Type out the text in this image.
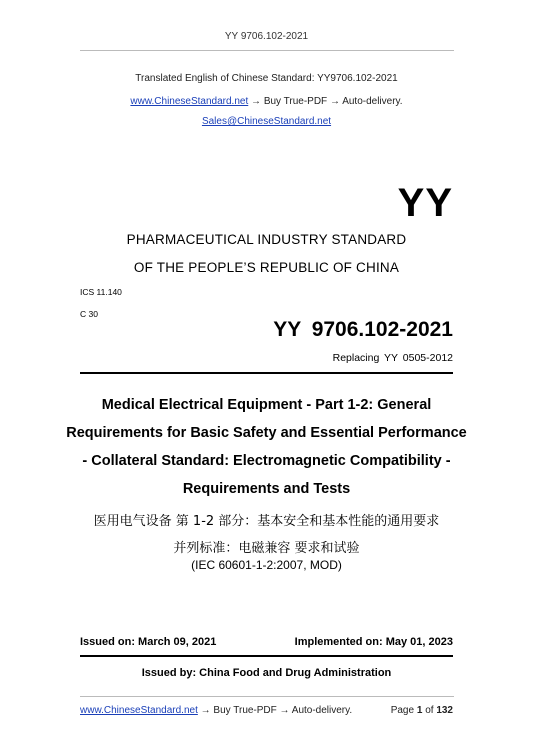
YY 9706.102-2021
Translated English of Chinese Standard: YY9706.102-2021
www.ChineseStandard.net → Buy True-PDF → Auto-delivery.
Sales@ChineseStandard.net
YY
PHARMACEUTICAL INDUSTRY STANDARD
OF THE PEOPLE’S REPUBLIC OF CHINA
ICS 11.140
C 30
YY 9706.102-2021
Replacing YY 0505-2012
Medical Electrical Equipment - Part 1-2: General
Requirements for Basic Safety and Essential Performance
- Collateral Standard: Electromagnetic Compatibility -
Requirements and Tests
医用电气设备 第 1-2 部分：基本安全和基本性能的通用要求
并列标准：电磁兼容 要求和试验
(IEC 60601-1-2:2007, MOD)
Issued on: March 09, 2021	Implemented on: May 01, 2023
Issued by: China Food and Drug Administration
www.ChineseStandard.net → Buy True-PDF → Auto-delivery.	Page 1 of 132
